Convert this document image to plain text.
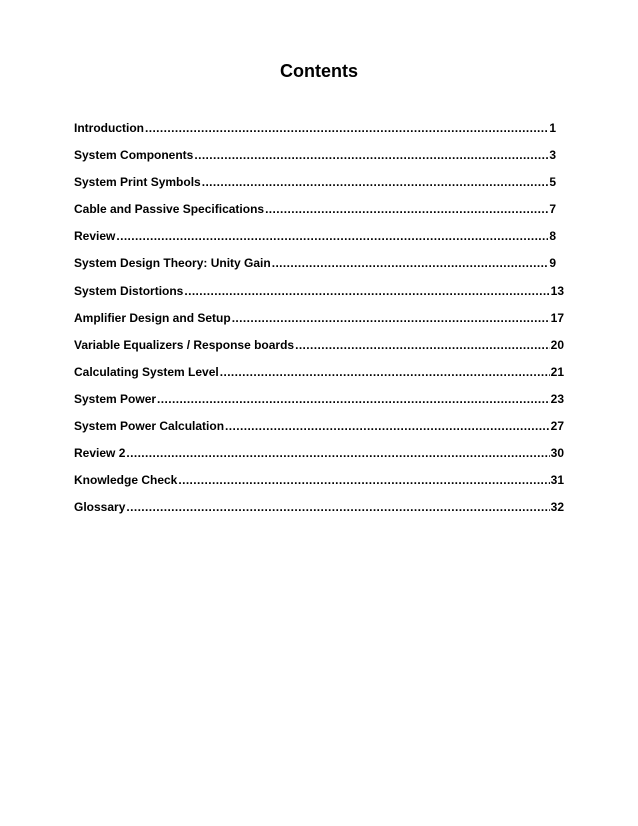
Contents
Introduction .....	1
System Components .....	3
System Print Symbols .....	5
Cable and Passive Specifications .....	7
Review .....	8
System Design Theory: Unity Gain .....	9
System Distortions .....	13
Amplifier Design and Setup .....	17
Variable Equalizers / Response boards .....	20
Calculating System Level .....	21
System Power .....	23
System Power Calculation .....	27
Review 2 .....	30
Knowledge Check .....	31
Glossary .....	32
